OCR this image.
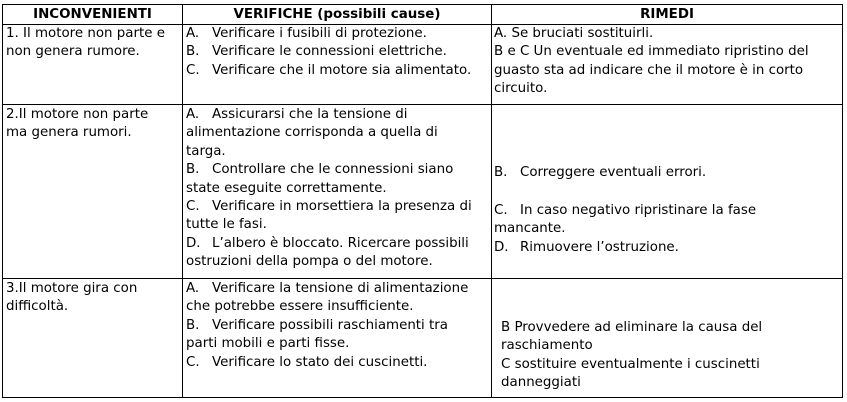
INCONVENIENTI	VERIFICHE (possibili cause)	RIMEDI
1. Il motore non parte e
non genera rumore.
A. Verificare i fusibili di protezione.
B. Verificare le connessioni elettriche.
C. Verificare che il motore sia alimentato.
A. Se bruciati sostituirli.
B e C Un eventuale ed immediato ripristino del
guasto sta ad indicare che il motore è in corto
circuito.
2.Il motore non parte
ma genera rumori.
A. Assicurarsi che la tensione di
alimentazione corrisponda a quella di
targa.
B. Controllare che le connessioni siano
state eseguite correttamente.
C. Verificare in morsettiera la presenza di
tutte le fasi.
D. L’albero è bloccato. Ricercare possibili
ostruzioni della pompa o del motore.
B. Correggere eventuali errori.
C. In caso negativo ripristinare la fase
mancante.
D. Rimuovere l’ostruzione.
3.Il motore gira con
difficoltà.
A. Verificare la tensione di alimentazione
che potrebbe essere insufficiente.
B. Verificare possibili raschiamenti tra
parti mobili e parti fisse.
C. Verificare lo stato dei cuscinetti.
B Provvedere ad eliminare la causa del
raschiamento
C sostituire eventualmente i cuscinetti
danneggiati
